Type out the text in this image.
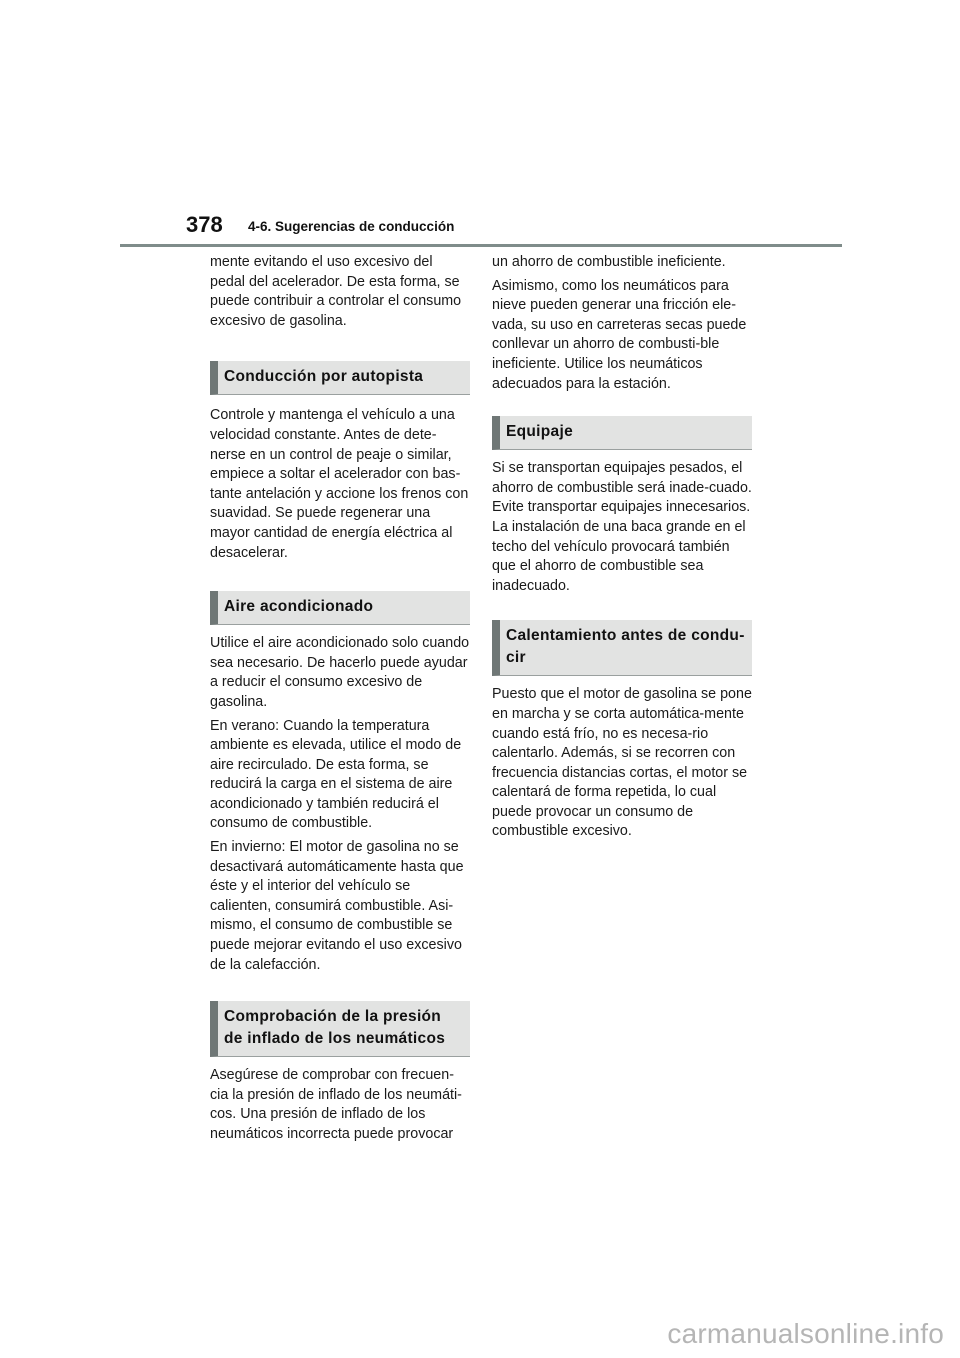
378 4-6. Sugerencias de conducción

mente evitando el uso excesivo del pedal del acelerador. De esta forma, se puede contribuir a controlar el consumo excesivo de gasolina.

Conducción por autopista

Controle y mantenga el vehículo a una velocidad constante. Antes de dete-nerse en un control de peaje o similar, empiece a soltar el acelerador con bas-tante antelación y accione los frenos con suavidad. Se puede regenerar una mayor cantidad de energía eléctrica al desacelerar.

Aire acondicionado

Utilice el aire acondicionado solo cuando sea necesario. De hacerlo puede ayudar a reducir el consumo excesivo de gasolina.

En verano: Cuando la temperatura ambiente es elevada, utilice el modo de aire recirculado. De esta forma, se reducirá la carga en el sistema de aire acondicionado y también reducirá el consumo de combustible.

En invierno: El motor de gasolina no se desactivará automáticamente hasta que éste y el interior del vehículo se calienten, consumirá combustible. Asi-mismo, el consumo de combustible se puede mejorar evitando el uso excesivo de la calefacción.

Comprobación de la presión de inflado de los neumáticos

Asegúrese de comprobar con frecuen-cia la presión de inflado de los neumáti-cos. Una presión de inflado de los neumáticos incorrecta puede provocar

un ahorro de combustible ineficiente.

Asimismo, como los neumáticos para nieve pueden generar una fricción ele-vada, su uso en carreteras secas puede conllevar un ahorro de combusti-ble ineficiente. Utilice los neumáticos adecuados para la estación.

Equipaje

Si se transportan equipajes pesados, el ahorro de combustible será inade-cuado. Evite transportar equipajes innecesarios. La instalación de una baca grande en el techo del vehículo provocará también que el ahorro de combustible sea inadecuado.

Calentamiento antes de condu-cir

Puesto que el motor de gasolina se pone en marcha y se corta automática-mente cuando está frío, no es necesa-rio calentarlo. Además, si se recorren con frecuencia distancias cortas, el motor se calentará de forma repetida, lo cual puede provocar un consumo de combustible excesivo.

carmanualsonline.info
